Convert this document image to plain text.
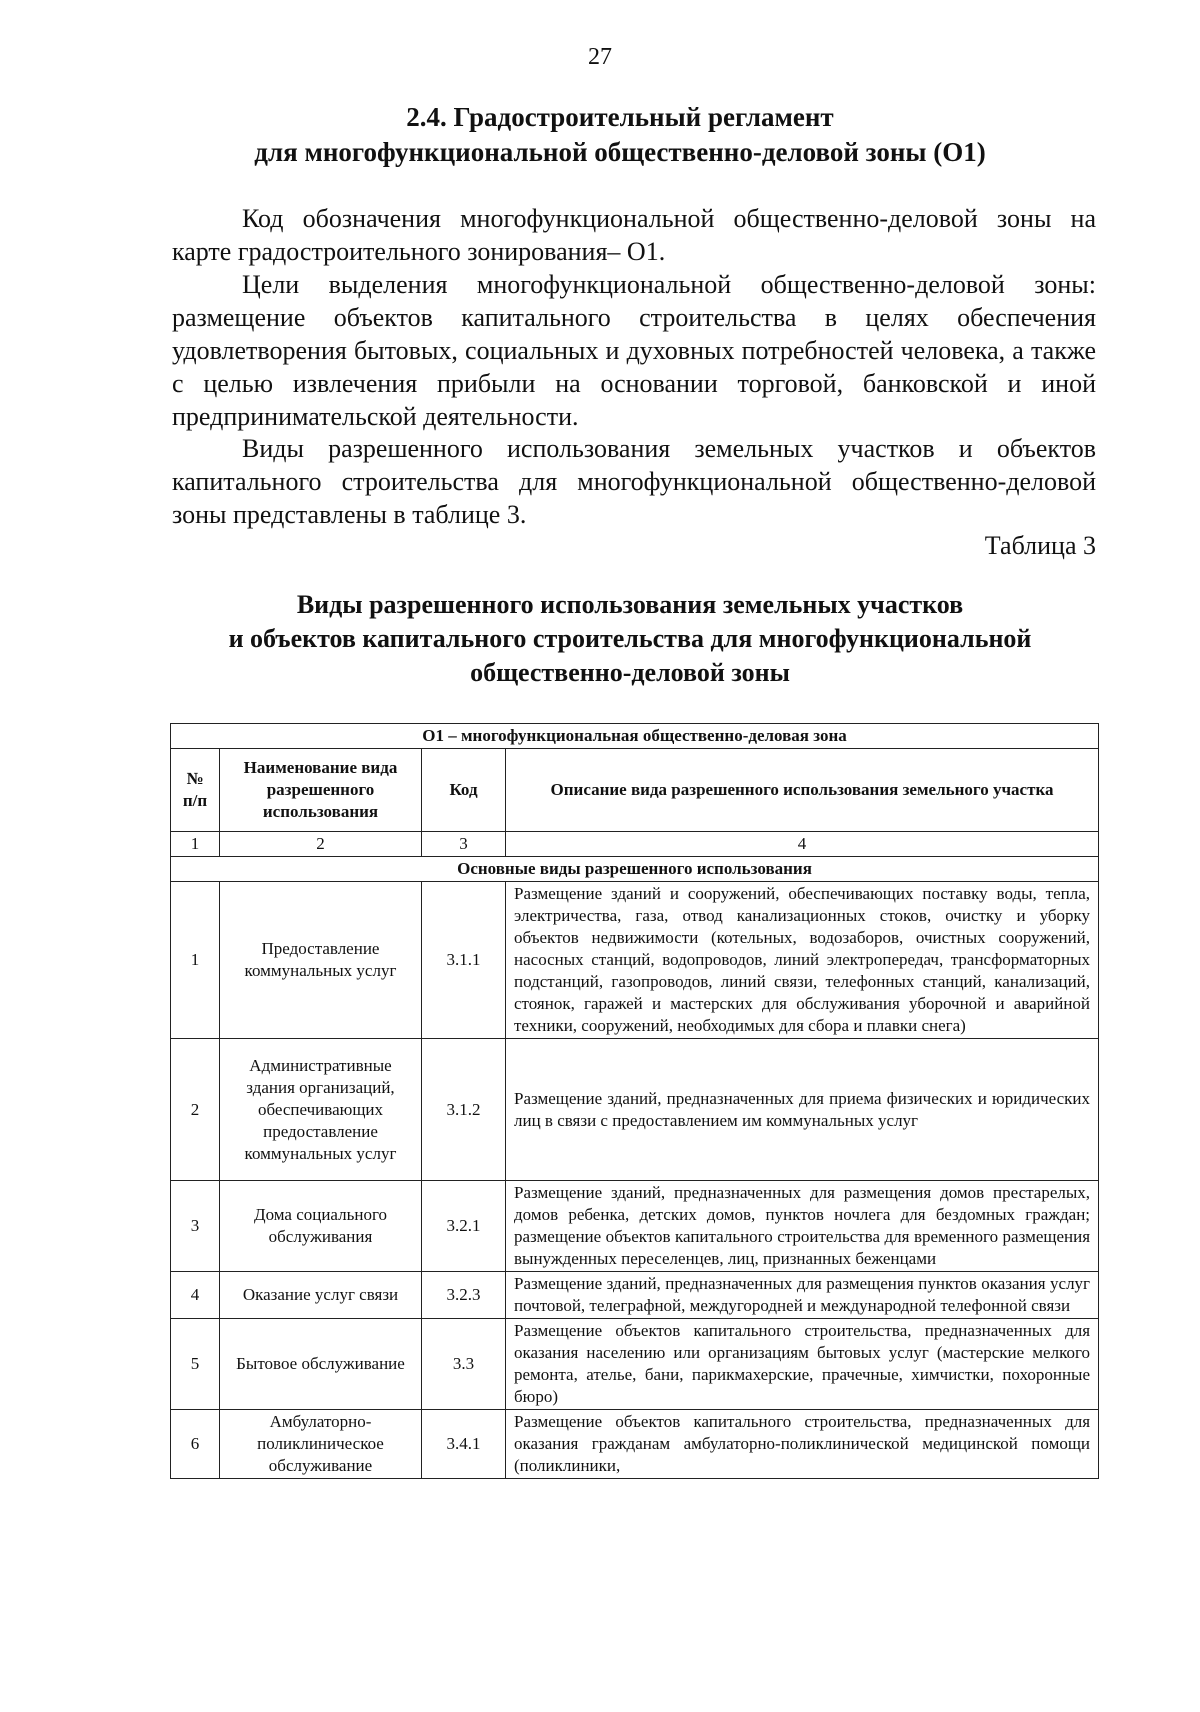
27
2.4. Градостроительный регламент
для многофункциональной общественно-деловой зоны (О1)

Код обозначения многофункциональной общественно-деловой зоны на карте градостроительного зонирования– О1.

Цели выделения многофункциональной общественно-деловой зоны: размещение объектов капитального строительства в целях обеспечения удовлетворения бытовых, социальных и духовных потребностей человека, а также с целью извлечения прибыли на основании торговой, банковской и иной предпринимательской деятельности.

Виды разрешенного использования земельных участков и объектов капитального строительства для многофункциональной общественно-деловой зоны представлены в таблице 3.

Таблица 3
Виды разрешенного использования земельных участков
и объектов капитального строительства для многофункциональной
общественно-деловой зоны
О1 – многофункциональная общественно-деловая зона			
№ п/п	Наименование вида разрешенного использования	Код	Описание вида разрешенного использования земельного участка
1	2	3	4
Основные виды разрешенного использования			
1	Предоставление коммунальных услуг	3.1.1	Размещение зданий и сооружений, обеспечивающих поставку воды, тепла, электричества, газа, отвод канализационных стоков, очистку и уборку объектов недвижимости (котельных, водозаборов, очистных сооружений, насосных станций, водопроводов, линий электропередач, трансформаторных подстанций, газопроводов, линий связи, телефонных станций, канализаций, стоянок, гаражей и мастерских для обслуживания уборочной и аварийной техники, сооружений, необходимых для сбора и плавки снега)
2	Административные здания организаций, обеспечивающих предоставление коммунальных услуг	3.1.2	Размещение зданий, предназначенных для приема физических и юридических лиц в связи с предоставлением им коммунальных услуг
3	Дома социального обслуживания	3.2.1	Размещение зданий, предназначенных для размещения домов престарелых, домов ребенка, детских домов, пунктов ночлега для бездомных граждан; размещение объектов капитального строительства для временного размещения вынужденных переселенцев, лиц, признанных беженцами
4	Оказание услуг связи	3.2.3	Размещение зданий, предназначенных для размещения пунктов оказания услуг почтовой, телеграфной, междугородней и международной телефонной связи
5	Бытовое обслуживание	3.3	Размещение объектов капитального строительства, предназначенных для оказания населению или организациям бытовых услуг (мастерские мелкого ремонта, ателье, бани, парикмахерские, прачечные, химчистки, похоронные бюро)
6	Амбулаторно-поликлиническое обслуживание	3.4.1	Размещение объектов капитального строительства, предназначенных для оказания гражданам амбулаторно-поликлинической медицинской помощи (поликлиники,
